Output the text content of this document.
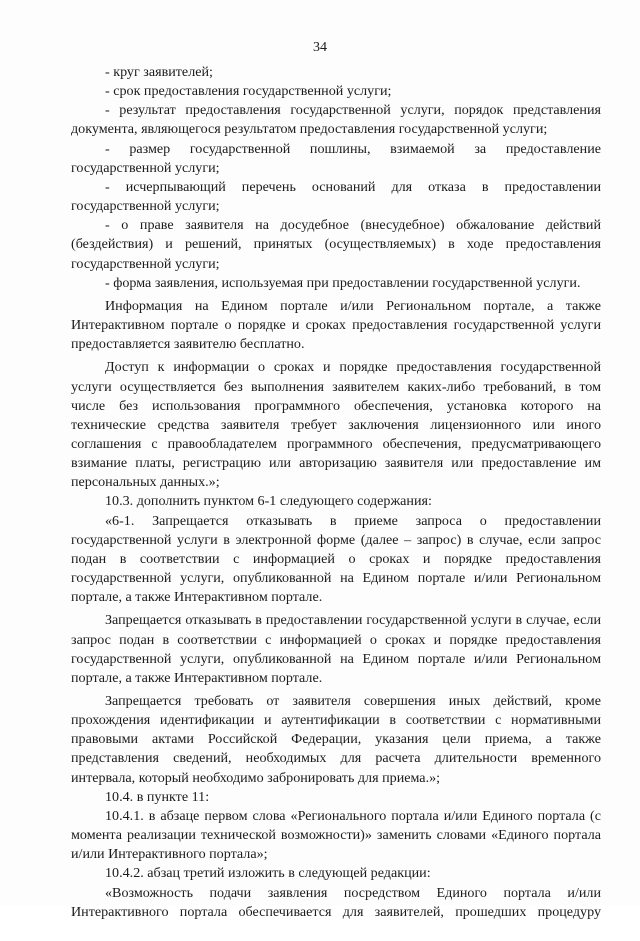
34

- круг заявителей;

- срок предоставления государственной услуги;

- результат предоставления государственной услуги, порядок представления документа, являющегося результатом предоставления государственной услуги;

- размер государственной пошлины, взимаемой за предоставление государственной услуги;

- исчерпывающий перечень оснований для отказа в предоставлении государственной услуги;

- о праве заявителя на досудебное (внесудебное) обжалование действий (бездействия) и решений, принятых (осуществляемых) в ходе предоставления государственной услуги;

- форма заявления, используемая при предоставлении государственной услуги.

Информация на Едином портале и/или Региональном портале, а также Интерактивном портале о порядке и сроках предоставления государственной услуги предоставляется заявителю бесплатно.

Доступ к информации о сроках и порядке предоставления государственной услуги осуществляется без выполнения заявителем каких-либо требований, в том числе без использования программного обеспечения, установка которого на технические средства заявителя требует заключения лицензионного или иного соглашения с правообладателем программного обеспечения, предусматривающего взимание платы, регистрацию или авторизацию заявителя или предоставление им персональных данных.»;

10.3. дополнить пунктом 6-1 следующего содержания:

«6-1. Запрещается отказывать в приеме запроса о предоставлении государственной услуги в электронной форме (далее – запрос) в случае, если запрос подан в соответствии с информацией о сроках и порядке предоставления государственной услуги, опубликованной на Едином портале и/или Региональном портале, а также Интерактивном портале.

Запрещается отказывать в предоставлении государственной услуги в случае, если запрос подан в соответствии с информацией о сроках и порядке предоставления государственной услуги, опубликованной на Едином портале и/или Региональном портале, а также Интерактивном портале.

Запрещается требовать от заявителя совершения иных действий, кроме прохождения идентификации и аутентификации в соответствии с нормативными правовыми актами Российской Федерации, указания цели приема, а также представления сведений, необходимых для расчета длительности временного интервала, который необходимо забронировать для приема.»;

10.4. в пункте 11:

10.4.1. в абзаце первом слова «Регионального портала и/или Единого портала (с момента реализации технической возможности)» заменить словами «Единого портала и/или Интерактивного портала»;

10.4.2. абзац третий изложить в следующей редакции:

«Возможность подачи заявления посредством Единого портала и/или Интерактивного портала обеспечивается для заявителей, прошедших процедуру
